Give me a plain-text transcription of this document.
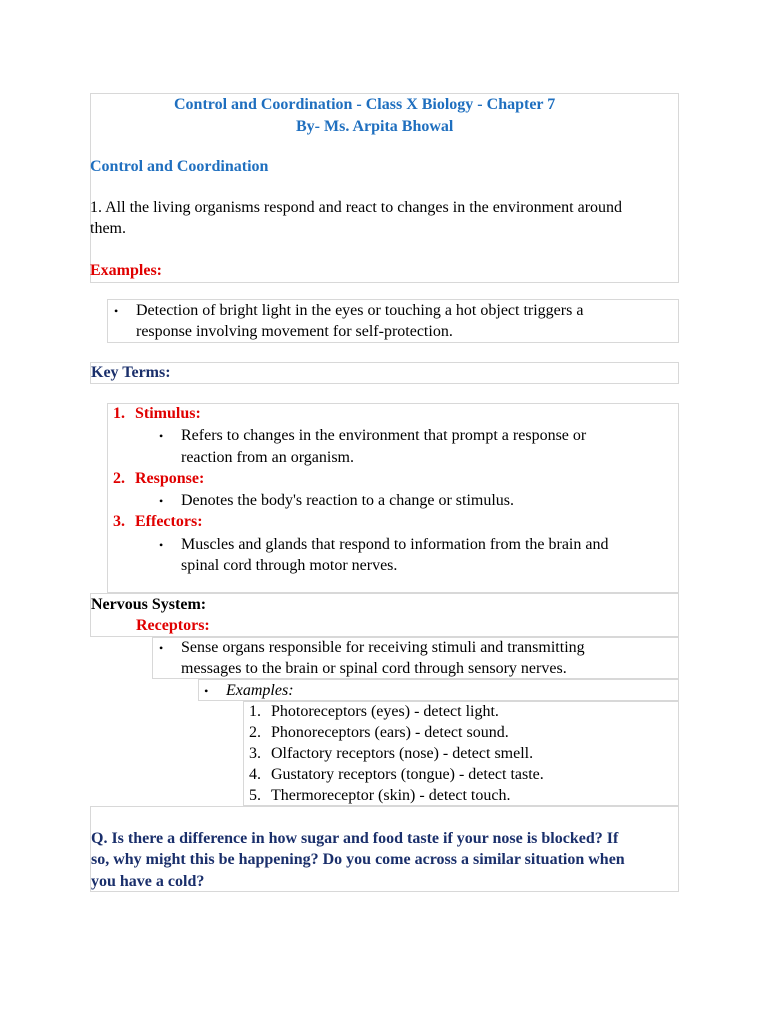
Control and Coordination - Class X Biology - Chapter 7
By- Ms. Arpita Bhowal
Control and Coordination
1. All the living organisms respond and react to changes in the environment around
them.
Examples:
• Detection of bright light in the eyes or touching a hot object triggers a
response involving movement for self-protection.
Key Terms:
1. Stimulus:
• Refers to changes in the environment that prompt a response or
reaction from an organism.
2. Response:
• Denotes the body's reaction to a change or stimulus.
3. Effectors:
• Muscles and glands that respond to information from the brain and
spinal cord through motor nerves.
Nervous System:
Receptors:
• Sense organs responsible for receiving stimuli and transmitting
messages to the brain or spinal cord through sensory nerves.
• Examples:
1. Photoreceptors (eyes) - detect light.
2. Phonoreceptors (ears) - detect sound.
3. Olfactory receptors (nose) - detect smell.
4. Gustatory receptors (tongue) - detect taste.
5. Thermoreceptor (skin) - detect touch.
Q. Is there a difference in how sugar and food taste if your nose is blocked? If
so, why might this be happening? Do you come across a similar situation when
you have a cold?
